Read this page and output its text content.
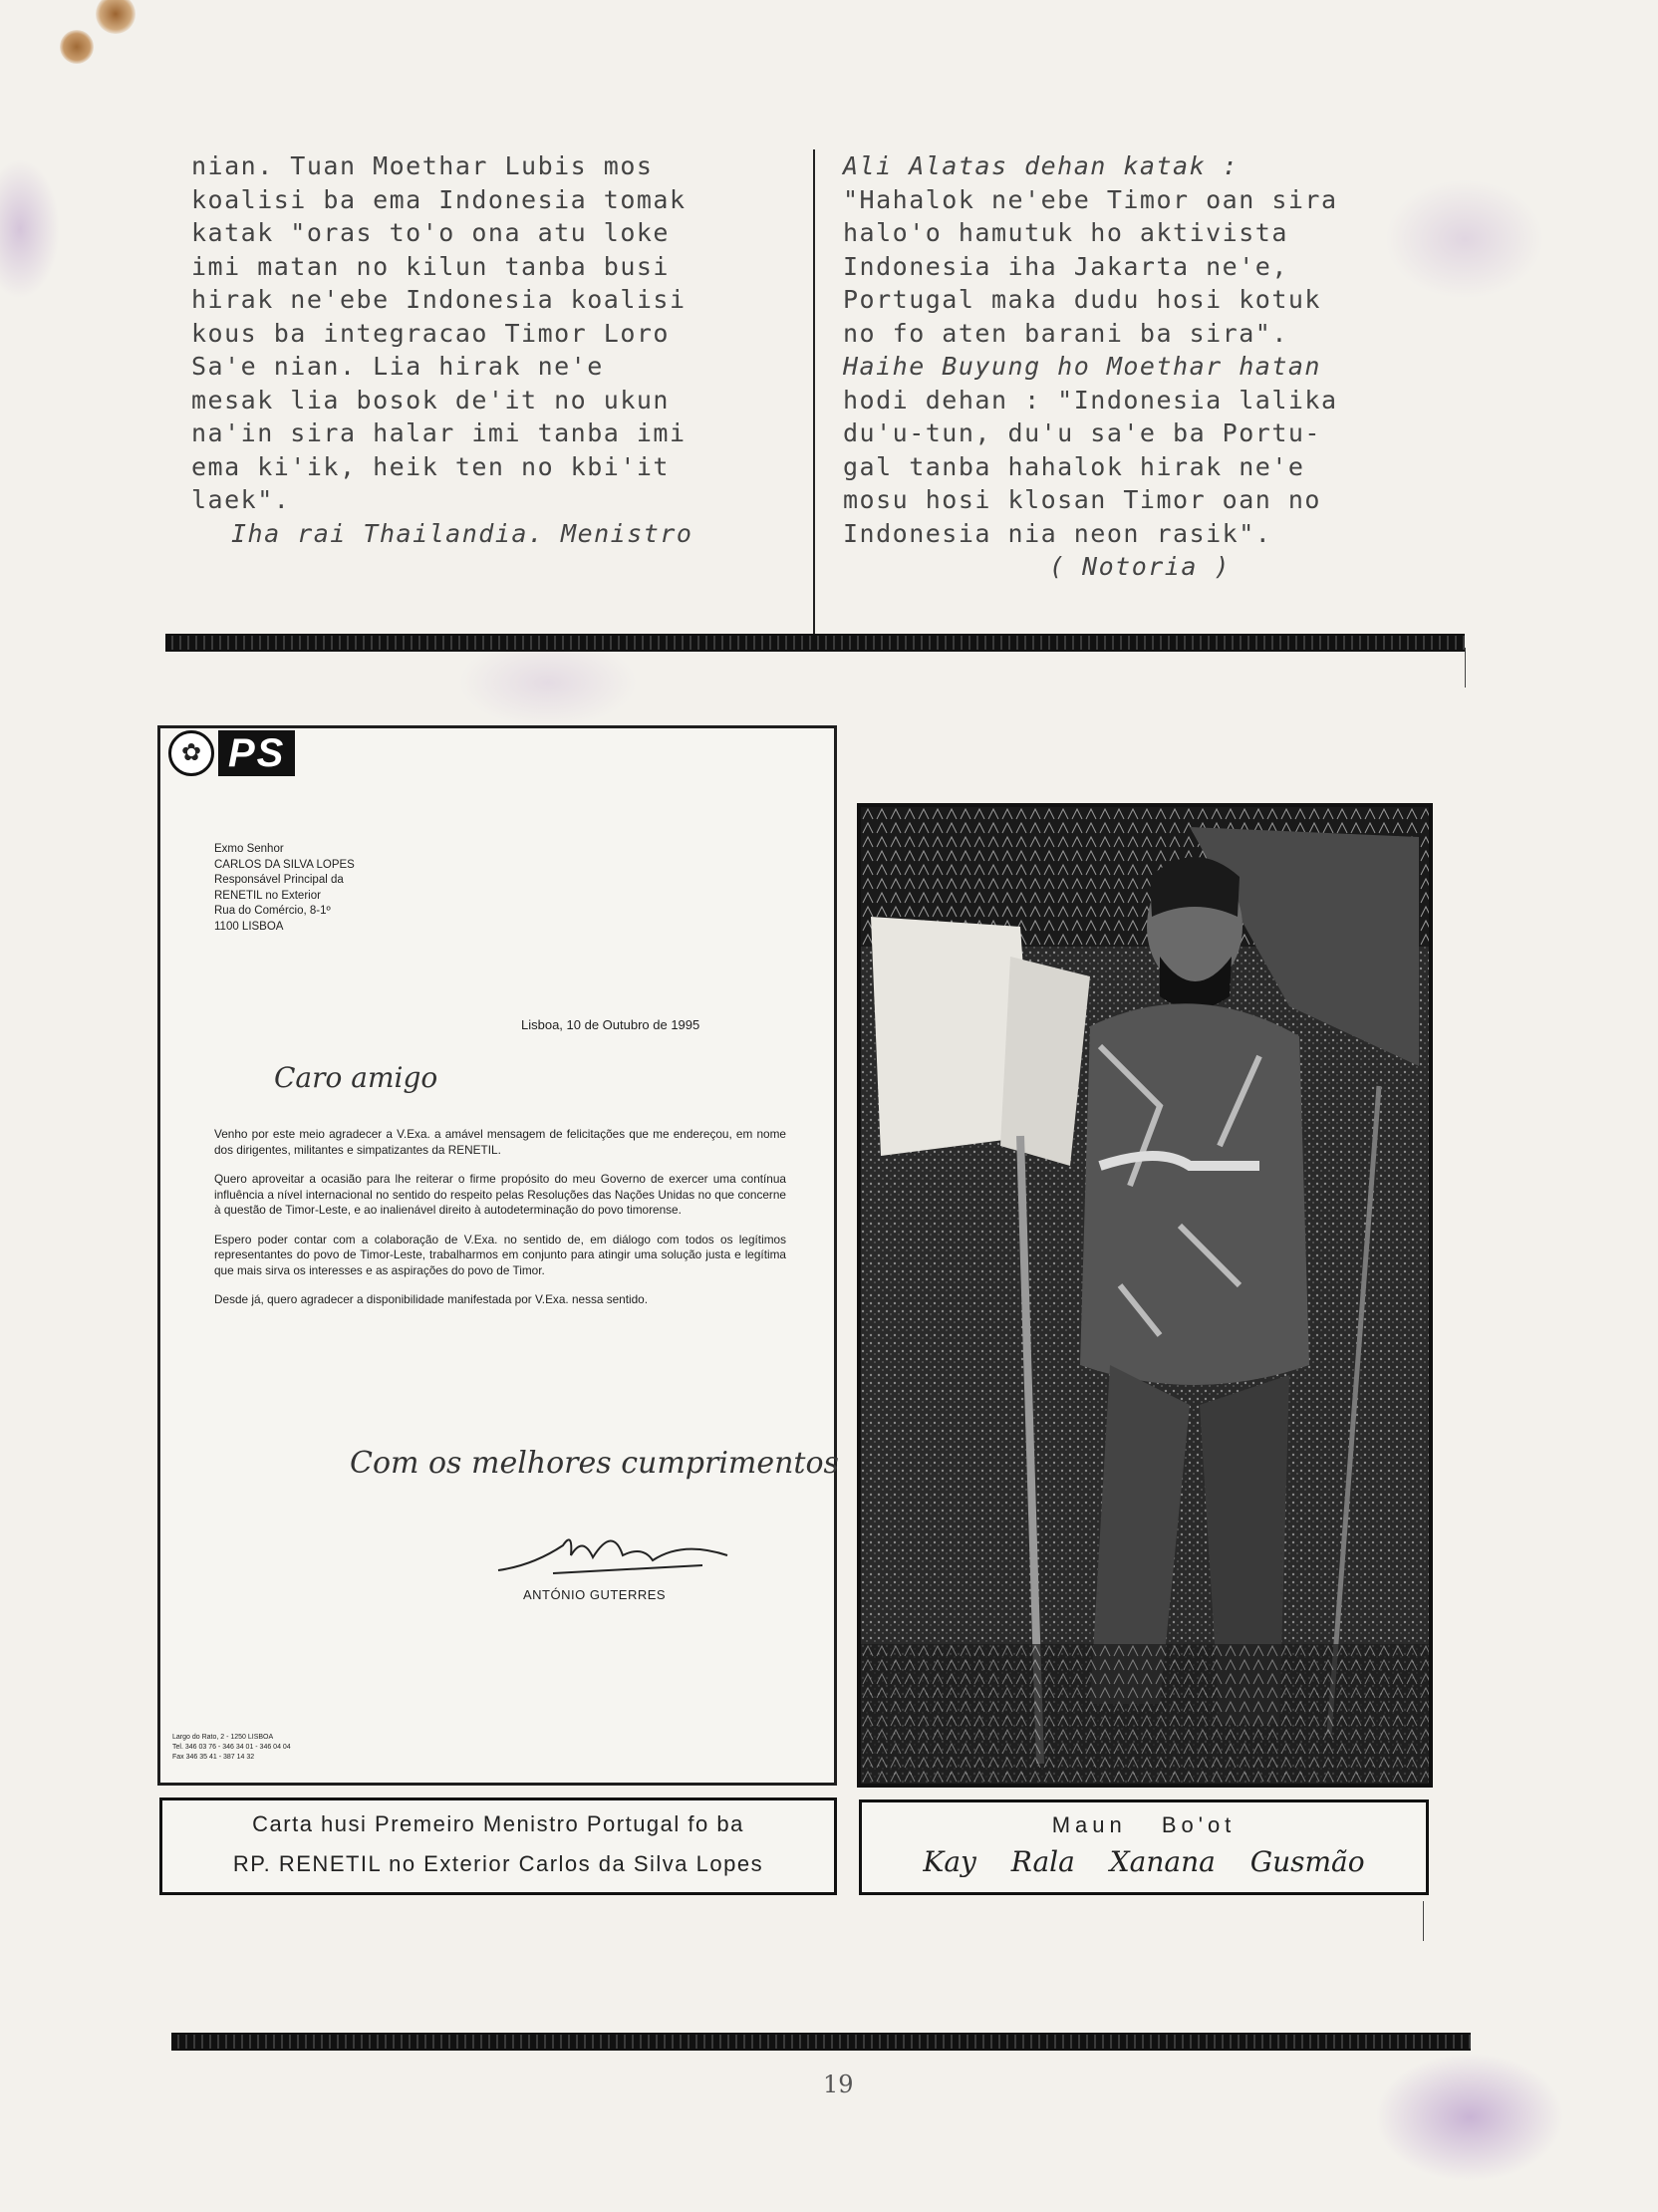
nian. Tuan Moethar Lubis mos

koalisi ba ema Indonesia tomak

katak "oras to'o ona atu loke

imi matan no kilun tanba busi

hirak ne'ebe Indonesia koalisi

kous ba integracao Timor Loro

Sa'e nian. Lia hirak ne'e

mesak lia bosok de'it no ukun

na'in sira halar imi tanba imi

ema ki'ik, heik ten no kbi'it

laek".

Iha rai Thailandia. Menistro

Ali Alatas dehan katak :

"Hahalok ne'ebe Timor oan sira

halo'o hamutuk ho aktivista

Indonesia iha Jakarta ne'e,

Portugal maka dudu hosi kotuk

no fo aten barani ba sira".

Haihe Buyung ho Moethar hatan

hodi dehan : "Indonesia lalika

du'u-tun, du'u sa'e ba Portu-

gal tanba hahalok hirak ne'e

mosu hosi klosan Timor oan no

Indonesia nia neon rasik".

( Notoria )

✿ PS
Exmo Senhor
CARLOS DA SILVA LOPES
Responsável Principal da
RENETIL no Exterior
Rua do Comércio, 8-1º
1100 LISBOA
Lisboa, 10 de Outubro de 1995
Caro amigo

Venho por este meio agradecer a V.Exa. a amável mensagem de felicitações que me endereçou, em nome dos dirigentes, militantes e simpatizantes da RENETIL.

Quero aproveitar a ocasião para lhe reiterar o firme propósito do meu Governo de exercer uma contínua influência a nível internacional no sentido do respeito pelas Resoluções das Nações Unidas no que concerne à questão de Timor-Leste, e ao inalienável direito à autodeterminação do povo timorense.

Espero poder contar com a colaboração de V.Exa. no sentido de, em diálogo com todos os legítimos representantes do povo de Timor-Leste, trabalharmos em conjunto para atingir uma solução justa e legítima que mais sirva os interesses e as aspirações do povo de Timor.

Desde já, quero agradecer a disponibilidade manifestada por V.Exa. nessa sentido.

Com os melhores cumprimentos
ANTÓNIO GUTERRES
Largo do Rato, 2 - 1250 LISBOA
Tel. 346 03 76 - 346 34 01 - 346 04 04
Fax 346 35 41 - 387 14 32
Carta husi Premeiro Menistro Portugal fo ba
RP. RENETIL no Exterior Carlos da Silva Lopes
Maun Bo'ot
Kay Rala Xanana Gusmão
19
